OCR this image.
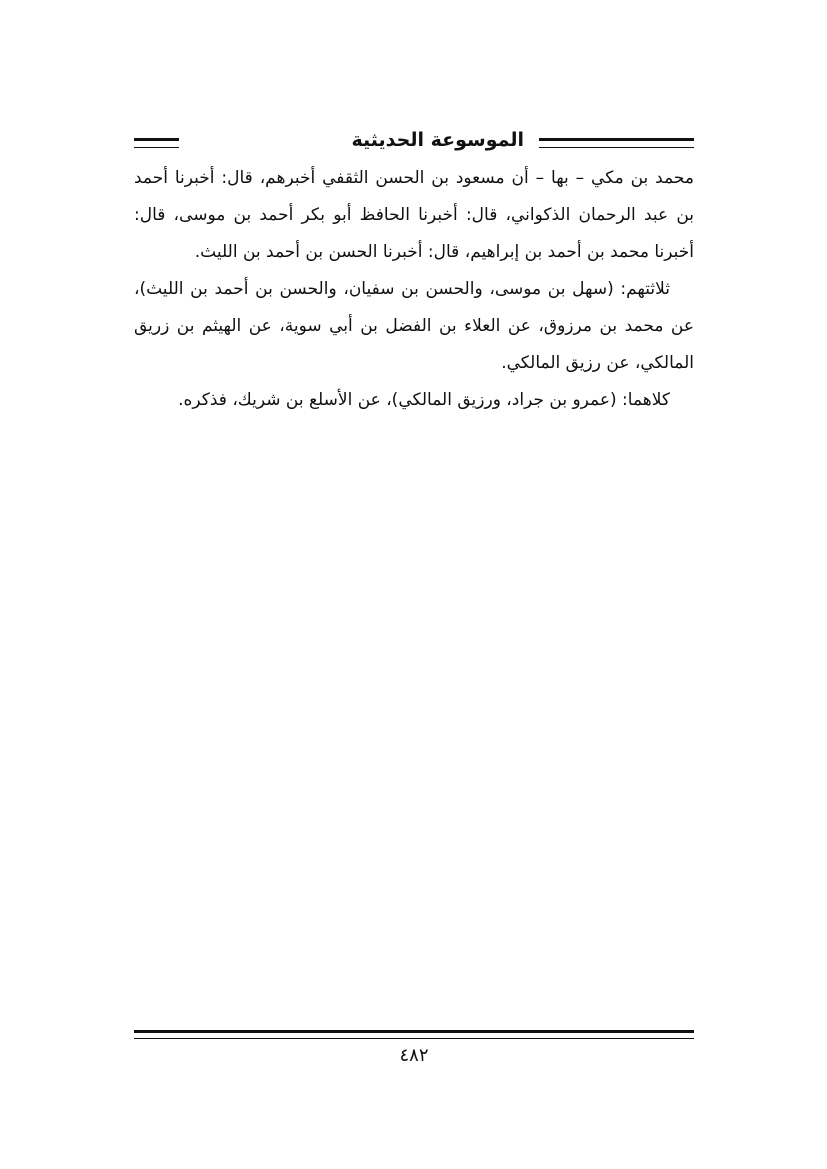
الموسوعة الحديثية

محمد بن مكي – بها – أن مسعود بن الحسن الثقفي أخبرهم، قال: أخبرنا أحمد بن عبد الرحمان الذكواني، قال: أخبرنا الحافظ أبو بكر أحمد بن موسى، قال: أخبرنا محمد بن أحمد بن إبراهيم، قال: أخبرنا الحسن بن أحمد بن الليث.

ثلاثتهم: (سهل بن موسى، والحسن بن سفيان، والحسن بن أحمد بن الليث)، عن محمد بن مرزوق، عن العلاء بن الفضل بن أبي سوية، عن الهيثم بن زريق المالكي، عن رزيق المالكي.

كلاهما: (عمرو بن جراد، ورزيق المالكي)، عن الأسلع بن شريك، فذكره.

٤٨٢
